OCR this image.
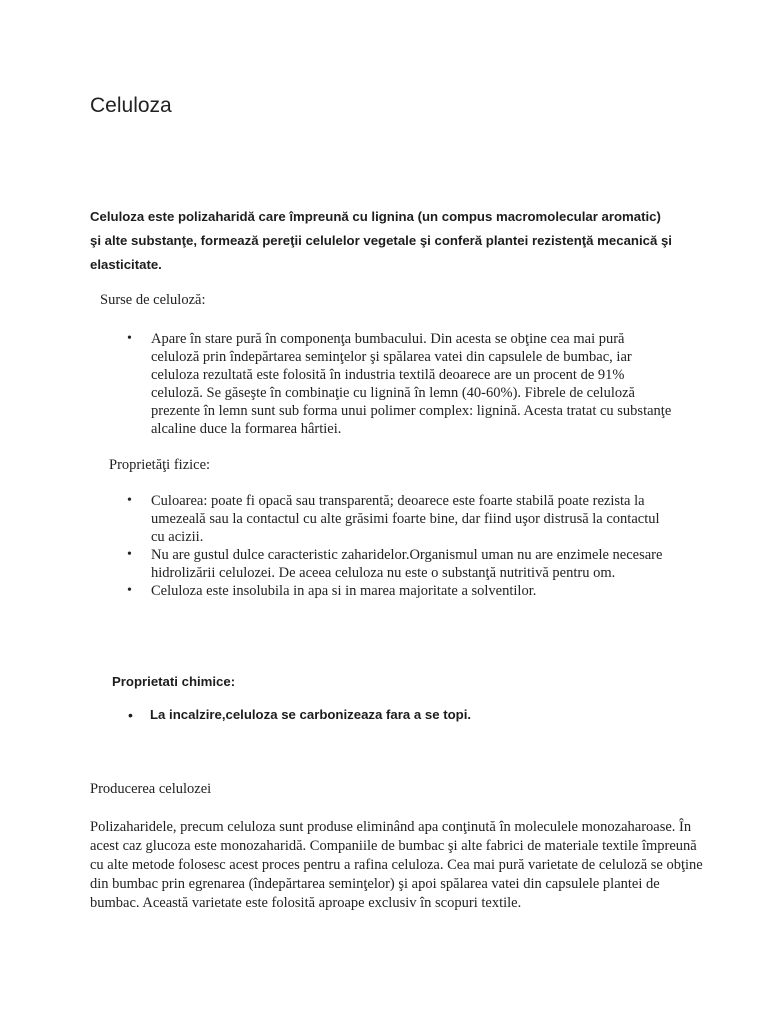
Celuloza

Celuloza este polizaharidă care împreună cu lignina (un compus macromolecular aromatic) şi alte substanţe, formează pereţii celulelor vegetale şi conferă plantei rezistenţă mecanică şi elasticitate.

Surse de celuloză:

• Apare în stare pură în componenţa bumbacului. Din acesta se obţine cea mai pură celuloză prin îndepărtarea seminţelor şi spălarea vatei din capsulele de bumbac, iar celuloza rezultată este folosită în industria textilă deoarece are un procent de 91% celuloză. Se găseşte în combinaţie cu lignină în lemn (40-60%). Fibrele de celuloză prezente în lemn sunt sub forma unui polimer complex: lignină. Acesta tratat cu substanţe alcaline duce la formarea hârtiei.

Proprietăţi fizice:

• Culoarea: poate fi opacă sau transparentă; deoarece este foarte stabilă poate rezista la umezeală sau la contactul cu alte grăsimi foarte bine, dar fiind uşor distrusă la contactul cu acizii.
• Nu are gustul dulce caracteristic zaharidelor.Organismul uman nu are enzimele necesare hidrolizării celulozei. De aceea celuloza nu este o substanţă nutritivă pentru om.
• Celuloza este insolubila in apa si in marea majoritate a solventilor.

Proprietati chimice:

• La incalzire,celuloza se carbonizeaza fara a se topi.

Producerea celulozei

Polizaharidele, precum celuloza sunt produse eliminând apa conţinută în moleculele monozaharoase. În acest caz glucoza este monozaharidă. Companiile de bumbac şi alte fabrici de materiale textile împreună cu alte metode folosesc acest proces pentru a rafina celuloza. Cea mai pură varietate de celuloză se obţine din bumbac prin egrenarea (îndepărtarea seminţelor) şi apoi spălarea vatei din capsulele plantei de bumbac. Această varietate este folosită aproape exclusiv în scopuri textile.
